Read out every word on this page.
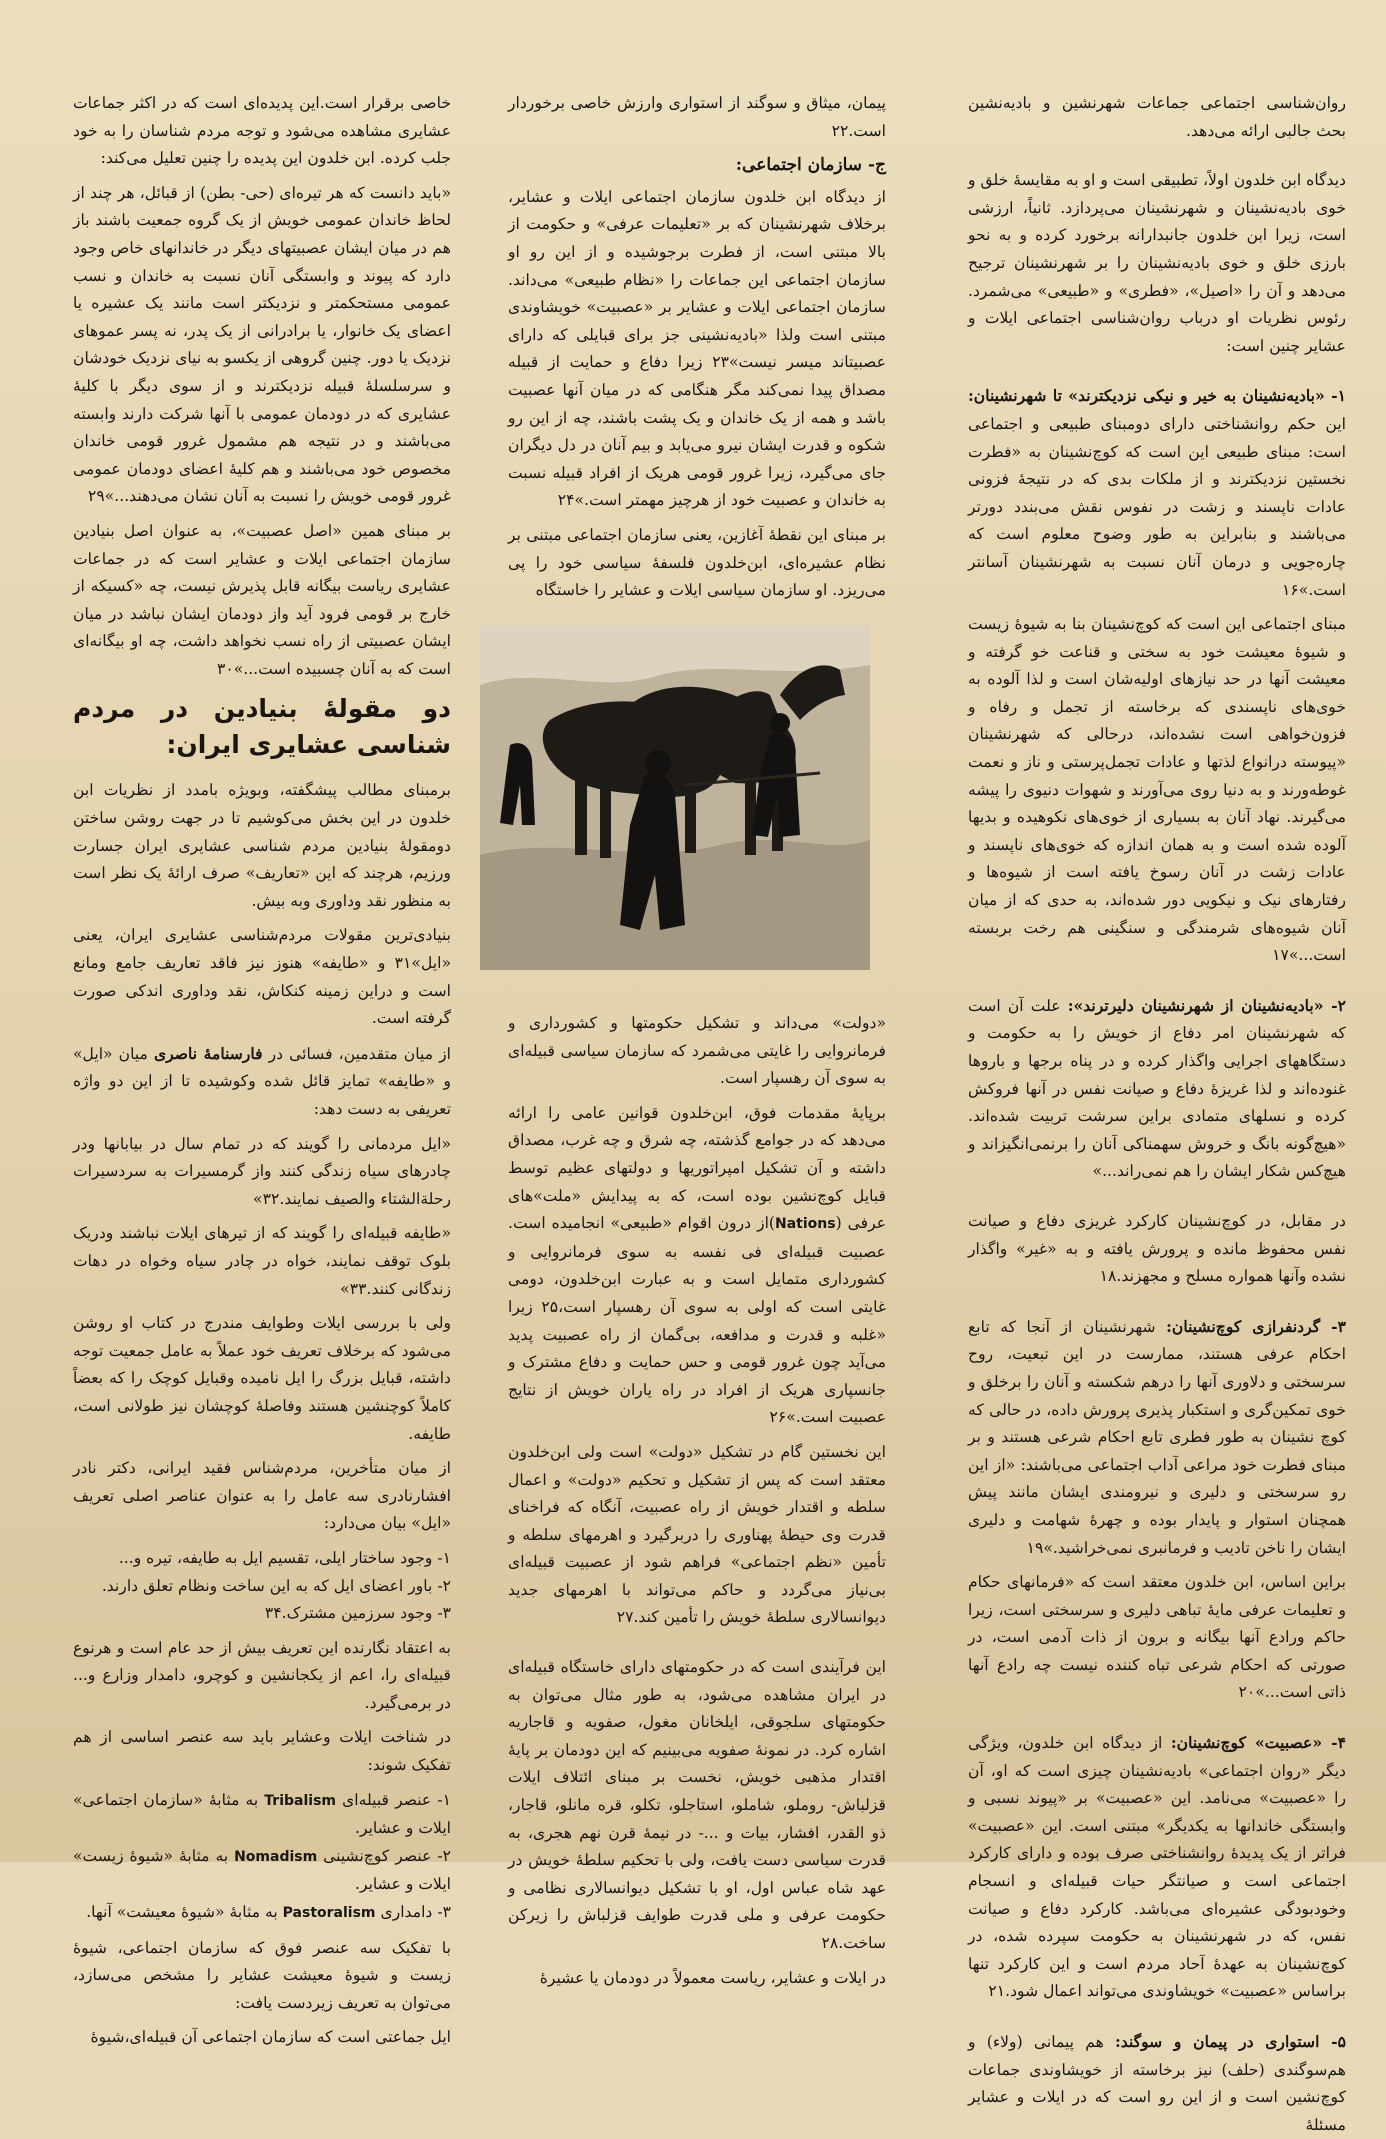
روان‌شناسی اجتماعی جماعات شهرنشین و بادیه‌نشین بحث جالبی ارائه می‌دهد.

دیدگاه ابن خلدون اولاً، تطبیقی است و او به مقایسهٔ خلق و خوی بادیه‌نشینان و شهرنشینان می‌پردازد. ثانیاً، ارزشی است، زیرا ابن خلدون جانبدارانه برخورد کرده و به نحو بارزی خلق و خوی بادیه‌نشینان را بر شهرنشینان ترجیح می‌دهد و آن را «اصیل»، «فطری» و «طبیعی» می‌شمرد. رئوس نظریات او درباب روان‌شناسی اجتماعی ایلات و عشایر چنین است:

۱- «بادیه‌نشینان به خیر و نیکی نزدیکترند» تا شهرنشینان: این حکم روانشناختی دارای دومبنای طبیعی و اجتماعی است: مبنای طبیعی این است که کوچ‌نشینان به «فطرت نخستین نزدیکترند و از ملکات بدی که در نتیجهٔ فزونی عادات ناپسند و زشت در نفوس نقش می‌بندد دورتر می‌باشند و بنابراین به طور وضوح معلوم است که چاره‌جویی و درمان آنان نسبت به شهرنشینان آسانتر است.»۱۶

مبنای اجتماعی این است که کوچ‌نشینان بنا به شیوهٔ زیست و شیوهٔ معیشت خود به سختی و قناعت خو گرفته و معیشت آنها در حد نیازهای اولیه‌شان است و لذا آلوده به خوی‌های ناپسندی که برخاسته از تجمل و رفاه و فزون‌خواهی است نشده‌اند، درحالی که شهرنشینان «پیوسته درانواع لذتها و عادات تجمل‌پرستی و ناز و نعمت غوطه‌ورند و به دنیا روی می‌آورند و شهوات دنیوی را پیشه می‌گیرند. نهاد آنان به بسیاری از خوی‌های نکوهیده و بدیها آلوده شده است و به همان اندازه که خوی‌های ناپسند و عادات زشت در آنان رسوخ یافته است از شیوه‌ها و رفتارهای نیک و نیکویی دور شده‌اند، به حدی که از میان آنان شیوه‌های شرمندگی و سنگینی هم رخت بربسته است...»۱۷

۲- «بادیه‌نشینان از شهرنشینان دلیرترند»: علت آن است که شهرنشینان امر دفاع از خویش را به حکومت و دستگاههای اجرایی واگذار کرده و در پناه برجها و باروها غنوده‌اند و لذا غریزهٔ دفاع و صیانت نفس در آنها فروکش کرده و نسلهای متمادی براین سرشت تربیت شده‌اند. «هیچ‌گونه بانگ و خروش سهمناکی آنان را برنمی‌انگیزاند و هیچ‌کس شکار ایشان را هم نمی‌راند...»

در مقابل، در کوچ‌نشینان کارکرد غریزی دفاع و صیانت نفس محفوظ مانده و پرورش یافته و به «غیر» واگذار نشده وآنها همواره مسلح و مجهزند.۱۸

۳- گردنفرازی کوچ‌نشینان: شهرنشینان از آنجا که تابع احکام عرفی هستند، ممارست در این تبعیت، روح سرسختی و دلاوری آنها را درهم شکسته و آنان را برخلق و خوی تمکین‌گری و استکبار پذیری پرورش داده، در حالی که کوچ نشینان به طور فطری تابع احکام شرعی هستند و بر مبنای فطرت خود مراعی آداب اجتماعی می‌باشند: «از این رو سرسختی و دلیری و نیرومندی ایشان مانند پیش همچنان استوار و پایدار بوده و چهرهٔ شهامت و دلیری ایشان را ناخن تادیب و فرمانبری نمی‌خراشید.»۱۹

براین اساس، ابن خلدون معتقد است که «فرمانهای حکام و تعلیمات عرفی مایهٔ تباهی دلیری و سرسختی است، زیرا حاکم ورادع آنها بیگانه و برون از ذات آدمی است، در صورتی که احکام شرعی تباه کننده نیست چه رادع آنها ذاتی است...»۲۰

۴- «عصبیت» کوچ‌نشینان: از دیدگاه ابن خلدون، ویژگی دیگر «روان اجتماعی» بادیه‌نشینان چیزی است که او، آن را «عصبیت» می‌نامد. این «عصبیت» بر «پیوند نسبی و وابستگی خاندانها به یکدیگر» مبتنی است. این «عصبیت» فراتر از یک پدیدهٔ روانشناختی صرف بوده و دارای کارکرد اجتماعی است و صیانتگر حیات قبیله‌ای و انسجام وخودبودگی عشیره‌ای می‌باشد. کارکرد دفاع و صیانت نفس، که در شهرنشینان به حکومت سپرده شده، در کوچ‌نشینان به عهدهٔ آحاد مردم است و این کارکرد تنها براساس «عصبیت» خویشاوندی می‌تواند اعمال شود.۲۱

۵- استواری در پیمان و سوگند: هم پیمانی (ولاء) و هم‌سوگندی (حلف) نیز برخاسته از خویشاوندی جماعات کوچ‌نشین است و از این رو است که در ایلات و عشایر مسئلهٔ

پیمان، میثاق و سوگند از استواری وارزش خاصی برخوردار است.۲۲

ج- سازمان اجتماعی:

از دیدگاه ابن خلدون سازمان اجتماعی ایلات و عشایر، برخلاف شهرنشینان که بر «تعلیمات عرفی» و حکومت از بالا مبتنی است، از فطرت برجوشیده و از این رو او سازمان اجتماعی این جماعات را «نظام طبیعی» می‌داند. سازمان اجتماعی ایلات و عشایر بر «عصبیت» خویشاوندی مبتنی است ولذا «بادیه‌نشینی جز برای قبایلی که دارای عصبیتاند میسر نیست»۲۳ زیرا دفاع و حمایت از قبیله مصداق پیدا نمی‌کند مگر هنگامی که در میان آنها عصبیت باشد و همه از یک خاندان و یک پشت باشند، چه از این رو شکوه و قدرت ایشان نیرو می‌یابد و بیم آنان در دل دیگران جای می‌گیرد، زیرا غرور قومی هریک از افراد قبیله نسبت به خاندان و عصبیت خود از هرچیز مهمتر است.»۲۴

بر مبنای این نقطهٔ آغازین، یعنی سازمان اجتماعی مبتنی بر نظام عشیره‌ای، ابن‌خلدون فلسفهٔ سیاسی خود را پی می‌ریزد. او سازمان سیاسی ایلات و عشایر را خاستگاه

«دولت» می‌داند و تشکیل حکومتها و کشورداری و فرمانروایی را غایتی می‌شمرد که سازمان سیاسی قبیله‌ای به سوی آن رهسپار است.

برپایهٔ مقدمات فوق، ابن‌خلدون قوانین عامی را ارائه می‌دهد که در جوامع گذشته، چه شرق و چه غرب، مصداق داشته و آن تشکیل امپراتوریها و دولتهای عظیم توسط قبایل کوچ‌نشین بوده است، که به پیدایش «ملت»های عرفی (Nations)از درون اقوام «طبیعی» انجامیده است. عصبیت قبیله‌ای فی نفسه به سوی فرمانروایی و کشورداری متمایل است و به عبارت ابن‌خلدون، دومی غایتی است که اولی به سوی آن رهسپار است،۲۵ زیرا «غلبه و قدرت و مدافعه، بی‌گمان از راه عصبیت پدید می‌آید چون غرور قومی و حس حمایت و دفاع مشترک و جانسپاری هریک از افراد در راه یاران خویش از نتایج عصبیت است.»۲۶

این نخستین گام در تشکیل «دولت» است ولی ابن‌خلدون معتقد است که پس از تشکیل و تحکیم «دولت» و اعمال سلطه و اقتدار خویش از راه عصبیت، آنگاه که فراخنای قدرت وی حیطهٔ پهناوری را دربرگیرد و اهرمهای سلطه و تأمین «نظم اجتماعی» فراهم شود از عصبیت قبیله‌ای بی‌نیاز می‌گردد و حاکم می‌تواند با اهرمهای جدید دیوانسالاری سلطهٔ خویش را تأمین کند.۲۷

این فرآیندی است که در حکومتهای دارای خاستگاه قبیله‌ای در ایران مشاهده می‌شود، به طور مثال می‌توان به حکومتهای سلجوقی، ایلخانان مغول، صفویه و قاجاریه اشاره کرد. در نمونهٔ صفویه می‌بینیم که این دودمان بر پایهٔ اقتدار مذهبی خویش، نخست بر مبنای ائتلاف ایلات قزلباش- روملو، شاملو، استاجلو، تکلو، قره مانلو، قاجار، ذو القدر، افشار، بیات و ...- در نیمهٔ قرن نهم هجری، به قدرت سیاسی دست یافت، ولی با تحکیم سلطهٔ خویش در عهد شاه عباس اول، او با تشکیل دیوانسالاری نظامی و حکومت عرفی و ملی قدرت طوایف قزلباش را زیرکن ساخت.۲۸

در ایلات و عشایر، ریاست معمولاً در دودمان یا عشیرهٔ

خاصی برقرار است.این پدیده‌ای است که در اکثر جماعات عشایری مشاهده می‌شود و توجه مردم شناسان را به خود جلب کرده. ابن خلدون این پدیده را چنین تعلیل می‌کند:

«باید دانست که هر تیره‌ای (حی- بطن) از قبائل، هر چند از لحاظ خاندان عمومی خویش از یک گروه جمعیت باشند باز هم در میان ایشان عصبیتهای دیگر در خاندانهای خاص وجود دارد که پیوند و وابستگی آنان نسبت به خاندان و نسب عمومی مستحکمتر و نزدیکتر است مانند یک عشیره یا اعضای یک خانوار، یا برادرانی از یک پدر، نه پسر عموهای نزدیک یا دور. چنین گروهی از یکسو به نیای نزدیک خودشان و سرسلسلهٔ قبیله نزدیکترند و از سوی دیگر با کلیهٔ عشایری که در دودمان عمومی با آنها شرکت دارند وابسته می‌باشند و در نتیجه هم مشمول غرور قومی خاندان مخصوص خود می‌باشند و هم کلیهٔ اعضای دودمان عمومی غرور قومی خویش را نسبت به آنان نشان می‌دهند...»۲۹

بر مبنای همین «اصل عصبیت»، به عنوان اصل بنیادین سازمان اجتماعی ایلات و عشایر است که در جماعات عشایری ریاست بیگانه قابل پذیرش نیست، چه «کسیکه از خارج بر قومی فرود آید واز دودمان ایشان نباشد در میان ایشان عصبیتی از راه نسب نخواهد داشت، چه او بیگانه‌ای است که به آنان چسبیده است...»۳۰

دو مقولهٔ بنیادین در مردم شناسی عشایری ایران:

برمبنای مطالب پیشگفته، وبویژه بامدد از نظریات ابن خلدون در این بخش می‌کوشیم تا در جهت روشن ساختن دومقولهٔ بنیادین مردم شناسی عشایری ایران جسارت ورزیم، هرچند که این «تعاریف» صرف ارائهٔ یک نظر است به منظور نقد وداوری وبه بیش.

بنیادی‌ترین مقولات مردم‌شناسی عشایری ایران، یعنی «ایل»۳۱ و «طایفه» هنوز نیز فاقد تعاریف جامع ومانع است و دراین زمینه کنکاش، نقد وداوری اندکی صورت گرفته است.

از میان متقدمین، فسائی در فارسنامهٔ ناصری میان «ایل» و «طایفه» تمایز قائل شده وکوشیده تا از این دو واژه تعریفی به دست دهد:

«ایل مردمانی را گویند که در تمام سال در بیابانها ودر چادرهای سیاه زندگی کنند واز گرمسیرات به سردسیرات رحلةالشتاء والصیف نمایند.۳۲»

«طایفه قبیله‌ای را گویند که از تیرهای ایلات نباشند ودریک بلوک توقف نمایند، خواه در چادر سیاه وخواه در دهات زندگانی کنند.۳۳»

ولی با بررسی ایلات وطوایف مندرج در کتاب او روشن می‌شود که برخلاف تعریف خود عملاً به عامل جمعیت توجه داشته، قبایل بزرگ را ایل نامیده وقبایل کوچک را که بعضاً کاملاً کوچنشین هستند وفاصلهٔ کوچشان نیز طولانی است، طایفه.

از میان متأخرین، مردم‌شناس فقید ایرانی، دکتر نادر افشارنادری سه عامل را به عنوان عناصر اصلی تعریف «ایل» بیان می‌دارد:

۱- وجود ساختار ایلی، تقسیم ایل به طایفه، تیره و...

۲- باور اعضای ایل که به این ساخت ونظام تعلق دارند.

۳- وجود سرزمین مشترک.۳۴

به اعتقاد نگارنده این تعریف بیش از حد عام است و هرنوع قبیله‌ای را، اعم از یکجانشین و کوچرو، دامدار وزارع و... در برمی‌گیرد.

در شناخت ایلات وعشایر باید سه عنصر اساسی از هم تفکیک شوند:

۱- عنصر قبیله‌ای Tribalism به مثابهٔ «سازمان اجتماعی» ایلات و عشایر.

۲- عنصر کوچ‌نشینی Nomadism به مثابهٔ «شیوهٔ زیست» ایلات و عشایر.

۳- دامداری Pastoralism به مثابهٔ «شیوهٔ معیشت» آنها.

با تفکیک سه عنصر فوق که سازمان اجتماعی، شیوهٔ زیست و شیوهٔ معیشت عشایر را مشخص می‌سازد، می‌توان به تعریف زیردست یافت:

ایل جماعتی است که سازمان اجتماعی آن قبیله‌ای،شیوهٔ
